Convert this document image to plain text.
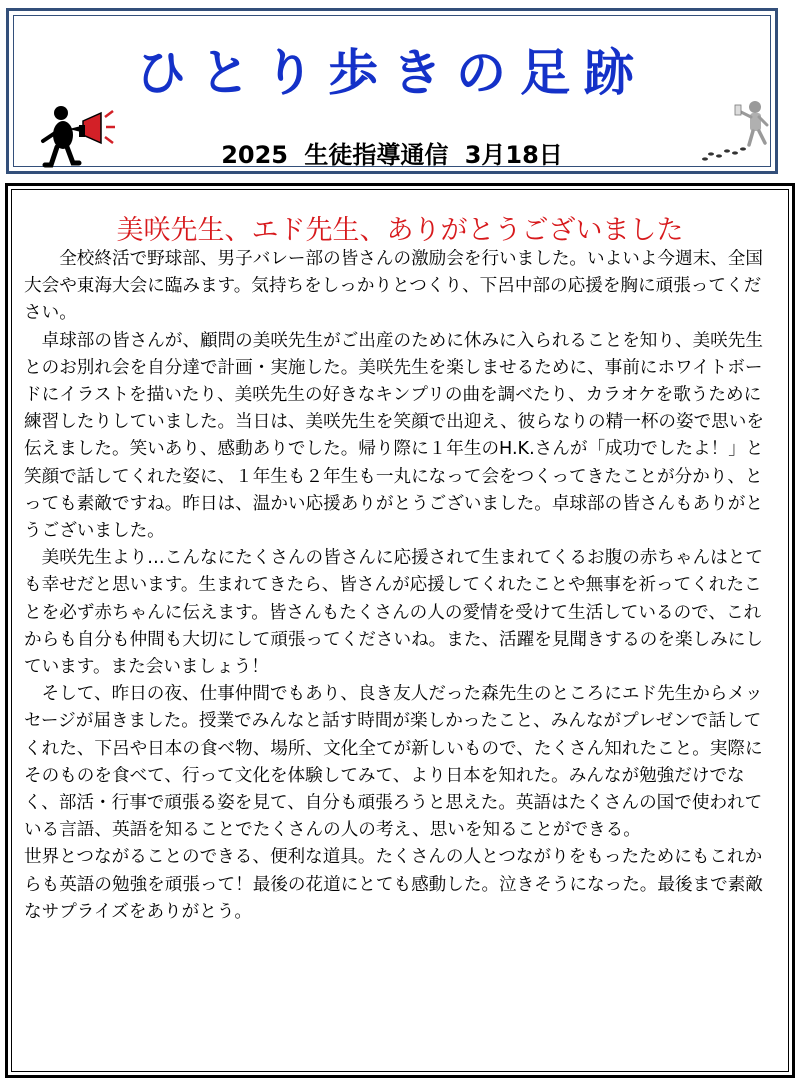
ひとり歩きの足跡
2025 生徒指導通信 3月18日
美咲先生、エド先生、ありがとうございました

全校終活で野球部、男子バレー部の皆さんの激励会を行いました。いよいよ今週末、全国大会や東海大会に臨みます。気持ちをしっかりとつくり、下呂中部の応援を胸に頑張ってください。

卓球部の皆さんが、顧問の美咲先生がご出産のために休みに入られることを知り、美咲先生とのお別れ会を自分達で計画・実施した。美咲先生を楽しませるために、事前にホワイトボードにイラストを描いたり、美咲先生の好きなキンプリの曲を調べたり、カラオケを歌うために練習したりしていました。当日は、美咲先生を笑顔で出迎え、彼らなりの精一杯の姿で思いを伝えました。笑いあり、感動ありでした。帰り際に１年生のH.K.さんが「成功でしたよ！」と笑顔で話してくれた姿に、１年生も２年生も一丸になって会をつくってきたことが分かり、とっても素敵ですね。昨日は、温かい応援ありがとうございました。卓球部の皆さんもありがとうございました。

美咲先生より…こんなにたくさんの皆さんに応援されて生まれてくるお腹の赤ちゃんはとても幸せだと思います。生まれてきたら、皆さんが応援してくれたことや無事を祈ってくれたことを必ず赤ちゃんに伝えます。皆さんもたくさんの人の愛情を受けて生活しているので、これからも自分も仲間も大切にして頑張ってくださいね。また、活躍を見聞きするのを楽しみにしています。また会いましょう！

そして、昨日の夜、仕事仲間でもあり、良き友人だった森先生のところにエド先生からメッセージが届きました。授業でみんなと話す時間が楽しかったこと、みんながプレゼンで話してくれた、下呂や日本の食べ物、場所、文化全てが新しいもので、たくさん知れたこと。実際にそのものを食べて、行って文化を体験してみて、より日本を知れた。みんなが勉強だけでなく、部活・行事で頑張る姿を見て、自分も頑張ろうと思えた。英語はたくさんの国で使われている言語、英語を知ることでたくさんの人の考え、思いを知ることができる。

世界とつながることのできる、便利な道具。たくさんの人とつながりをもったためにもこれからも英語の勉強を頑張って！最後の花道にとても感動した。泣きそうになった。最後まで素敵なサプライズをありがとう。
